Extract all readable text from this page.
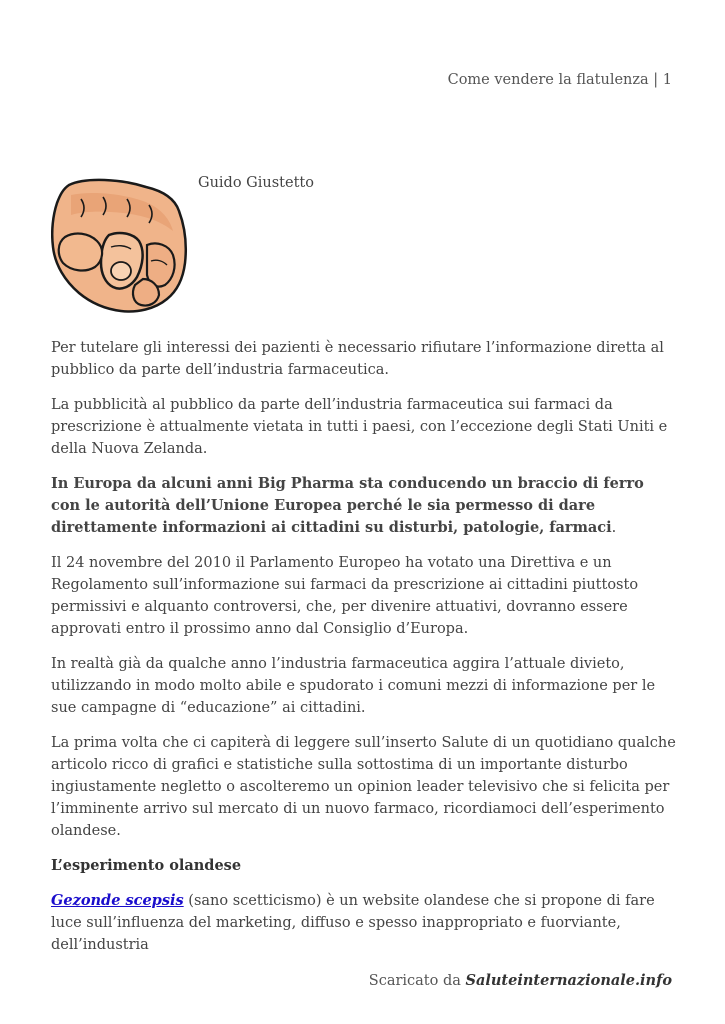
Come vendere la flatulenza | 1
Guido Giustetto

Per tutelare gli interessi dei pazienti è necessario rifiutare l’informazione diretta al pubblico da parte dell’industria farmaceutica.

La pubblicità al pubblico da parte dell’industria farmaceutica sui farmaci da prescrizione è attualmente vietata in tutti i paesi, con l’eccezione degli Stati Uniti e della Nuova Zelanda.

In Europa da alcuni anni Big Pharma sta conducendo un braccio di ferro con le autorità dell’Unione Europea perché le sia permesso di dare direttamente informazioni ai cittadini su disturbi, patologie, farmaci.

Il 24 novembre del 2010 il Parlamento Europeo ha votato una Direttiva e un Regolamento sull’informazione sui farmaci da prescrizione ai cittadini piuttosto permissivi e alquanto controversi, che, per divenire attuativi, dovranno essere approvati entro il prossimo anno dal Consiglio d’Europa.

In realtà già da qualche anno l’industria farmaceutica aggira l’attuale divieto, utilizzando in modo molto abile e spudorato i comuni mezzi di informazione per le sue campagne di “educazione” ai cittadini.

La prima volta che ci capiterà di leggere sull’inserto Salute di un quotidiano qualche articolo ricco di grafici e statistiche sulla sottostima di un importante disturbo ingiustamente negletto o ascolteremo un opinion leader televisivo che si felicita per l’imminente arrivo sul mercato di un nuovo farmaco, ricordiamoci dell’esperimento olandese.

L’esperimento olandese

Gezonde scepsis (sano scetticismo) è un website olandese che si propone di fare luce sull’influenza del marketing, diffuso e spesso inappropriato e fuorviante, dell’industria

Scaricato da Saluteinternazionale.info
